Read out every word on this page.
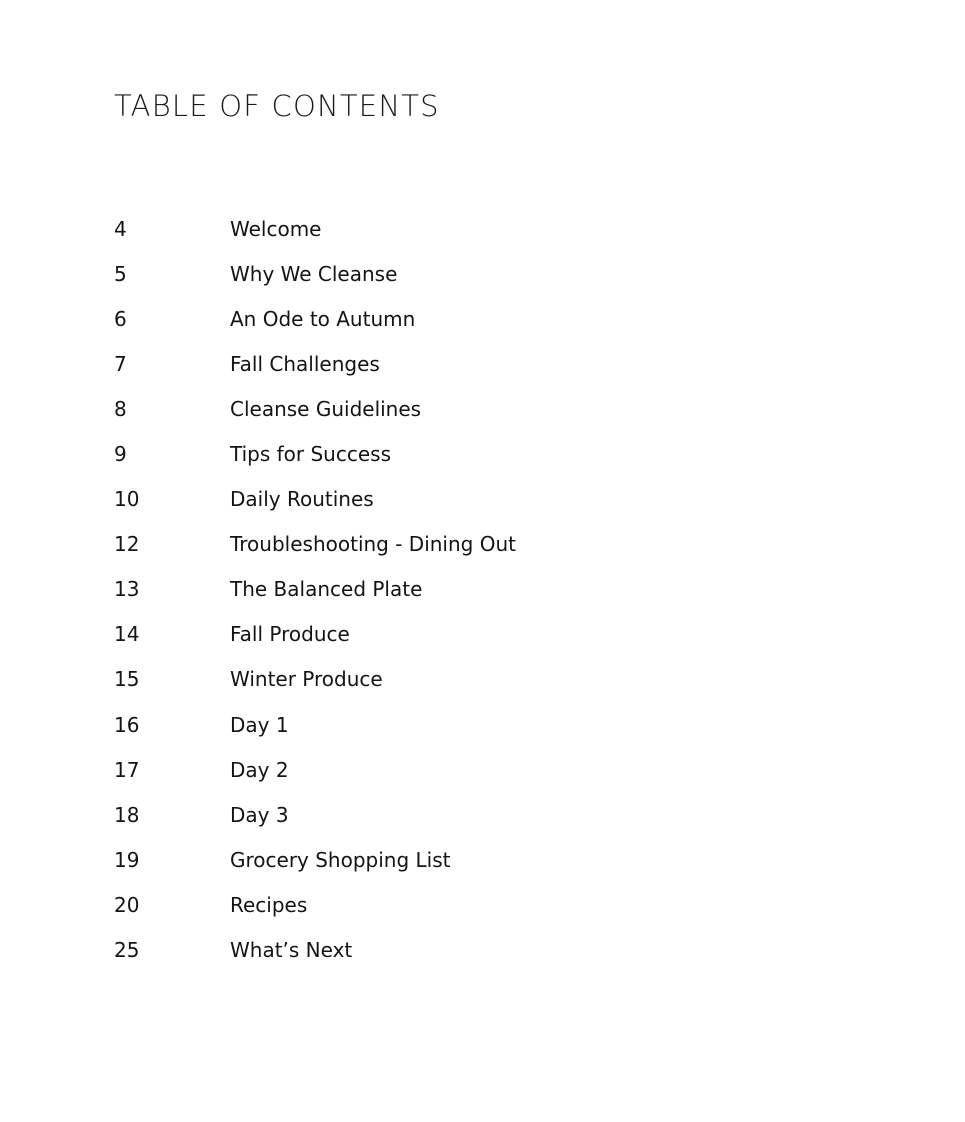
TABLE OF CONTENTS
4	Welcome
5	Why We Cleanse
6	An Ode to Autumn
7	Fall Challenges
8	Cleanse Guidelines
9	Tips for Success
10	Daily Routines
12	Troubleshooting - Dining Out
13	The Balanced Plate
14	Fall Produce
15	Winter Produce
16	Day 1
17	Day 2
18	Day 3
19	Grocery Shopping List
20	Recipes
25	What’s Next
